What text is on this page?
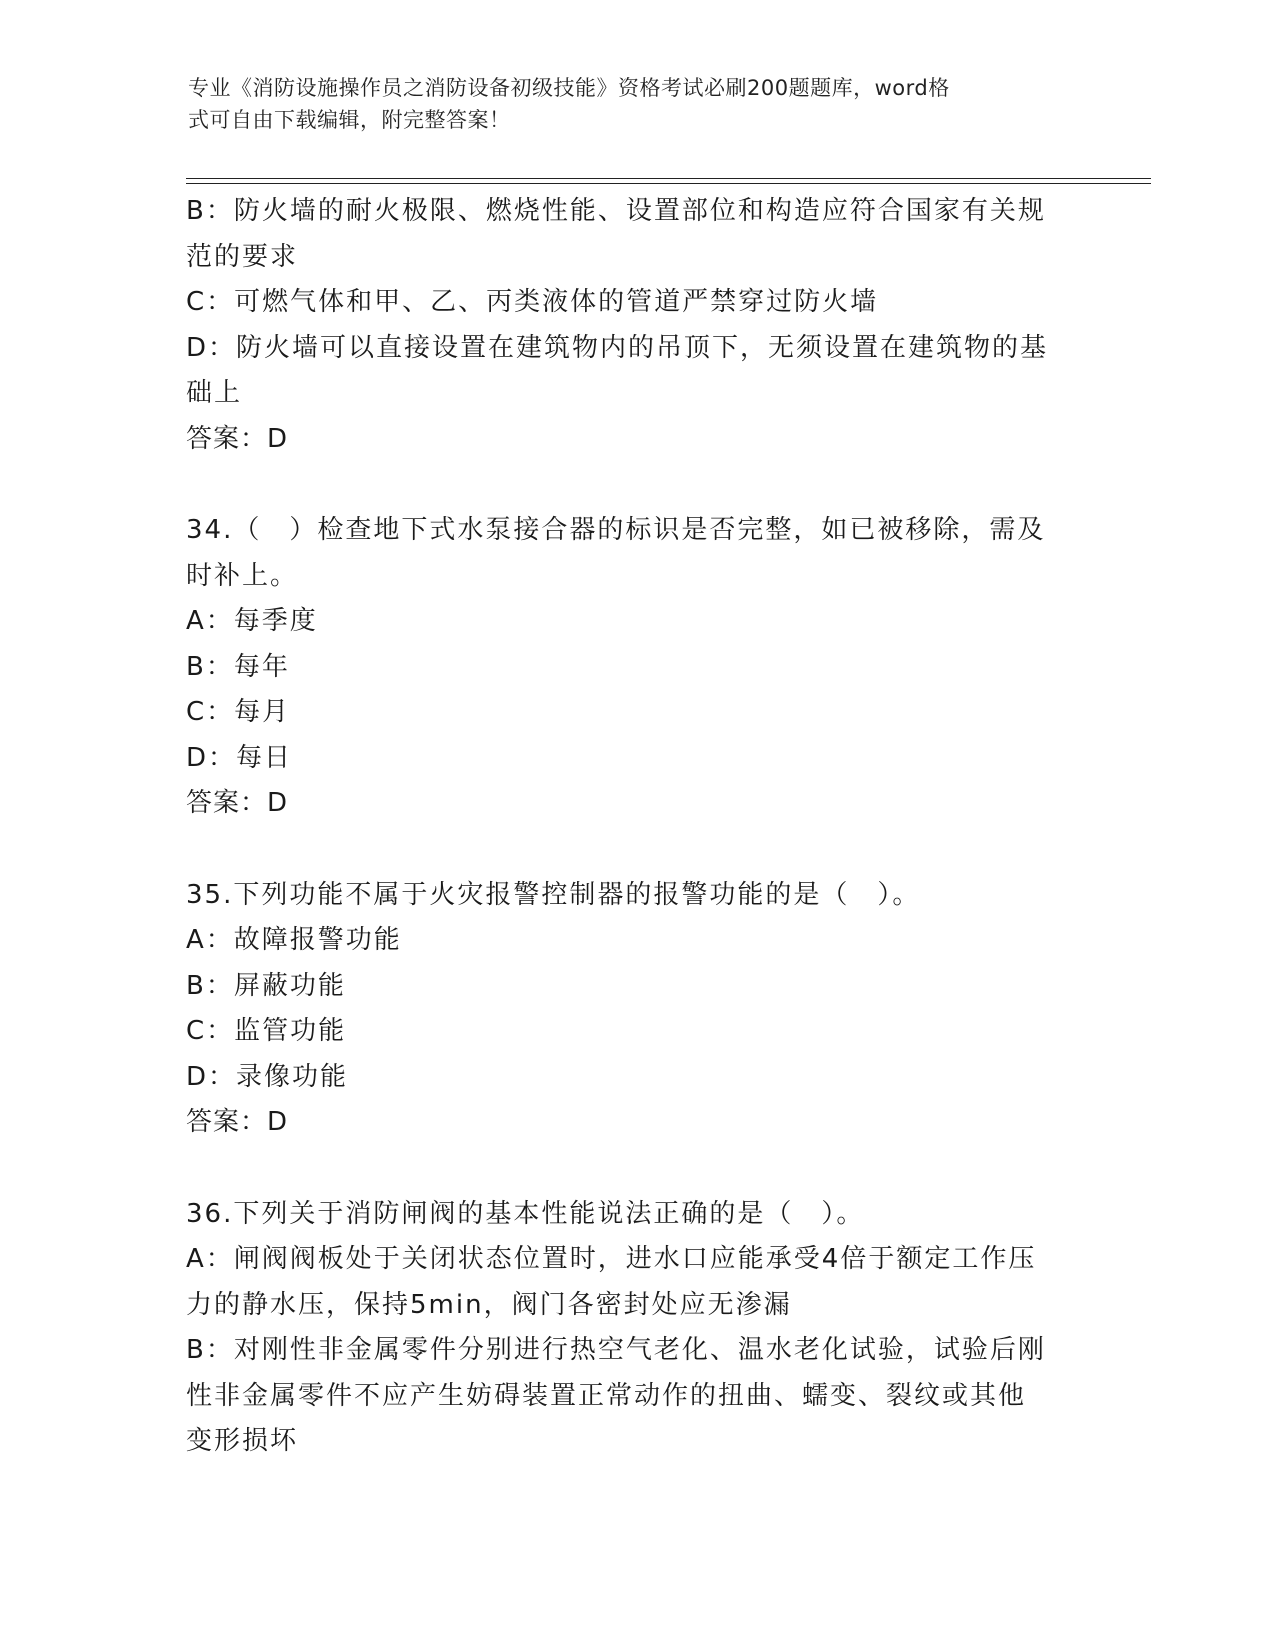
专业《消防设施操作员之消防设备初级技能》资格考试必刷200题题库，word格
式可自由下载编辑，附完整答案！
B：防火墙的耐火极限、燃烧性能、设置部位和构造应符合国家有关规
范的要求
C：可燃气体和甲、乙、丙类液体的管道严禁穿过防火墙
D：防火墙可以直接设置在建筑物内的吊顶下，无须设置在建筑物的基
础上
答案：D
34.（　）检查地下式水泵接合器的标识是否完整，如已被移除，需及
时补上。
A：每季度
B：每年
C：每月
D：每日
答案：D
35.下列功能不属于火灾报警控制器的报警功能的是（　）。
A：故障报警功能
B：屏蔽功能
C：监管功能
D：录像功能
答案：D
36.下列关于消防闸阀的基本性能说法正确的是（　）。
A：闸阀阀板处于关闭状态位置时，进水口应能承受4倍于额定工作压
力的静水压，保持5min，阀门各密封处应无渗漏
B：对刚性非金属零件分别进行热空气老化、温水老化试验，试验后刚
性非金属零件不应产生妨碍装置正常动作的扭曲、蠕变、裂纹或其他
变形损坏
